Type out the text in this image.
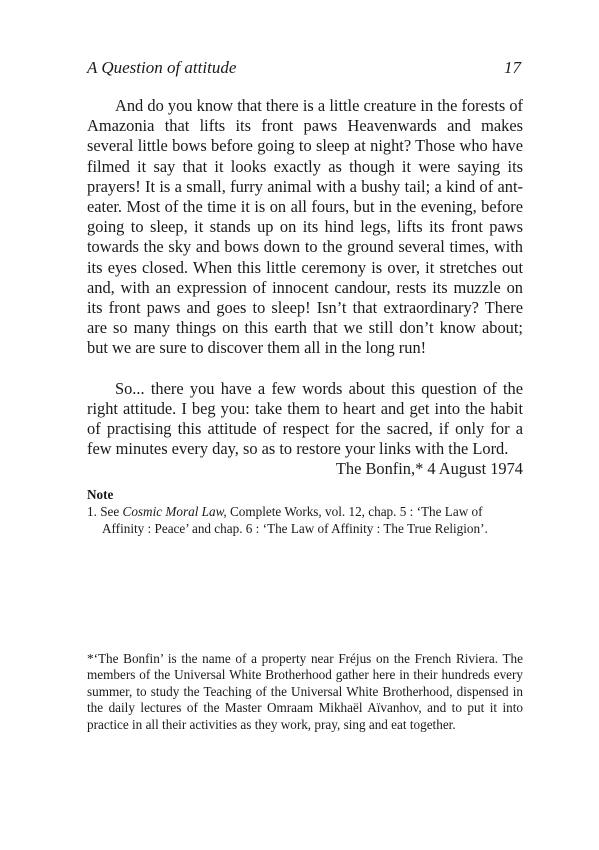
A Question of attitude	17

And do you know that there is a little creature in the forests of Amazonia that lifts its front paws Heavenwards and makes several little bows before going to sleep at night? Those who have filmed it say that it looks exactly as though it were saying its prayers! It is a small, furry animal with a bushy tail; a kind of ant-eater. Most of the time it is on all fours, but in the evening, before going to sleep, it stands up on its hind legs, lifts its front paws towards the sky and bows down to the ground several times, with its eyes closed. When this little ceremony is over, it stretches out and, with an expression of innocent candour, rests its muzzle on its front paws and goes to sleep! Isn’t that extraordinary? There are so many things on this earth that we still don’t know about; but we are sure to discover them all in the long run!

So... there you have a few words about this question of the right attitude. I beg you: take them to heart and get into the habit of practising this attitude of respect for the sacred, if only for a few minutes every day, so as to restore your links with the Lord.

The Bonfin,* 4 August 1974

Note

1. See Cosmic Moral Law, Complete Works, vol. 12, chap. 5 : ‘The Law of Affinity : Peace’ and chap. 6 : ‘The Law of Affinity : The True Religion’.

*‘The Bonfin’ is the name of a property near Fréjus on the French Riviera. The members of the Universal White Brotherhood gather here in their hundreds every summer, to study the Teaching of the Universal White Brotherhood, dispensed in the daily lectures of the Master Omraam Mikhaël Aïvanhov, and to put it into practice in all their activities as they work, pray, sing and eat together.
